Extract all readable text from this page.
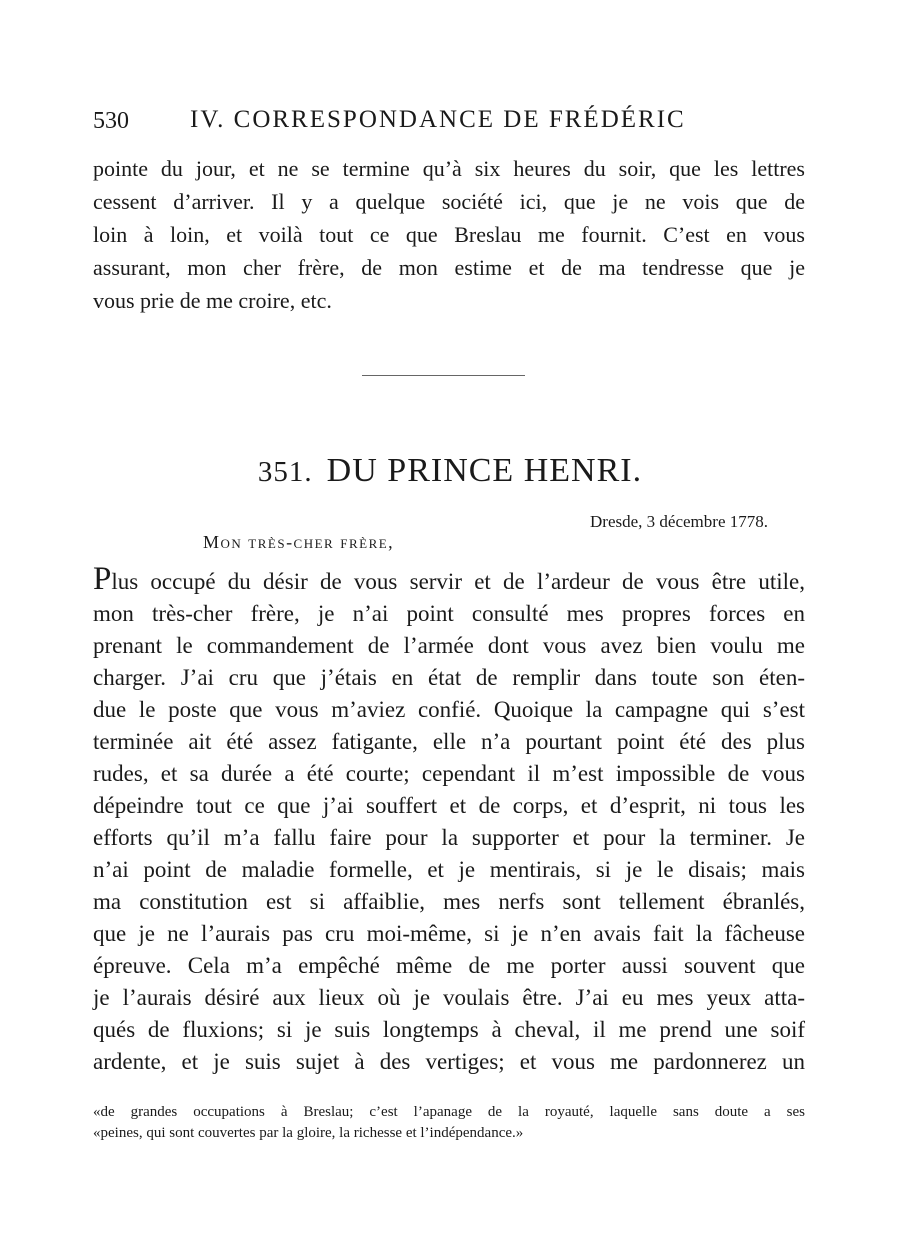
530 IV. CORRESPONDANCE DE FRÉDÉRIC
pointe du jour, et ne se termine qu’à six heures du soir, que les lettres
cessent d’arriver. Il y a quelque société ici, que je ne vois que de
loin à loin, et voilà tout ce que Breslau me fournit. C’est en vous
assurant, mon cher frère, de mon estime et de ma tendresse que je
vous prie de me croire, etc.
351. DU PRINCE HENRI.
Dresde, 3 décembre 1778.
Mon très-cher frère,
Plus occupé du désir de vous servir et de l’ardeur de vous être utile,
mon très-cher frère, je n’ai point consulté mes propres forces en
prenant le commandement de l’armée dont vous avez bien voulu me
charger. J’ai cru que j’étais en état de remplir dans toute son éten-
due le poste que vous m’aviez confié. Quoique la campagne qui s’est
terminée ait été assez fatigante, elle n’a pourtant point été des plus
rudes, et sa durée a été courte; cependant il m’est impossible de vous
dépeindre tout ce que j’ai souffert et de corps, et d’esprit, ni tous les
efforts qu’il m’a fallu faire pour la supporter et pour la terminer. Je
n’ai point de maladie formelle, et je mentirais, si je le disais; mais
ma constitution est si affaiblie, mes nerfs sont tellement ébranlés,
que je ne l’aurais pas cru moi-même, si je n’en avais fait la fâcheuse
épreuve. Cela m’a empêché même de me porter aussi souvent que
je l’aurais désiré aux lieux où je voulais être. J’ai eu mes yeux atta-
qués de fluxions; si je suis longtemps à cheval, il me prend une soif
ardente, et je suis sujet à des vertiges; et vous me pardonnerez un
«de grandes occupations à Breslau; c’est l’apanage de la royauté, laquelle sans doute a ses
«peines, qui sont couvertes par la gloire, la richesse et l’indépendance.»
